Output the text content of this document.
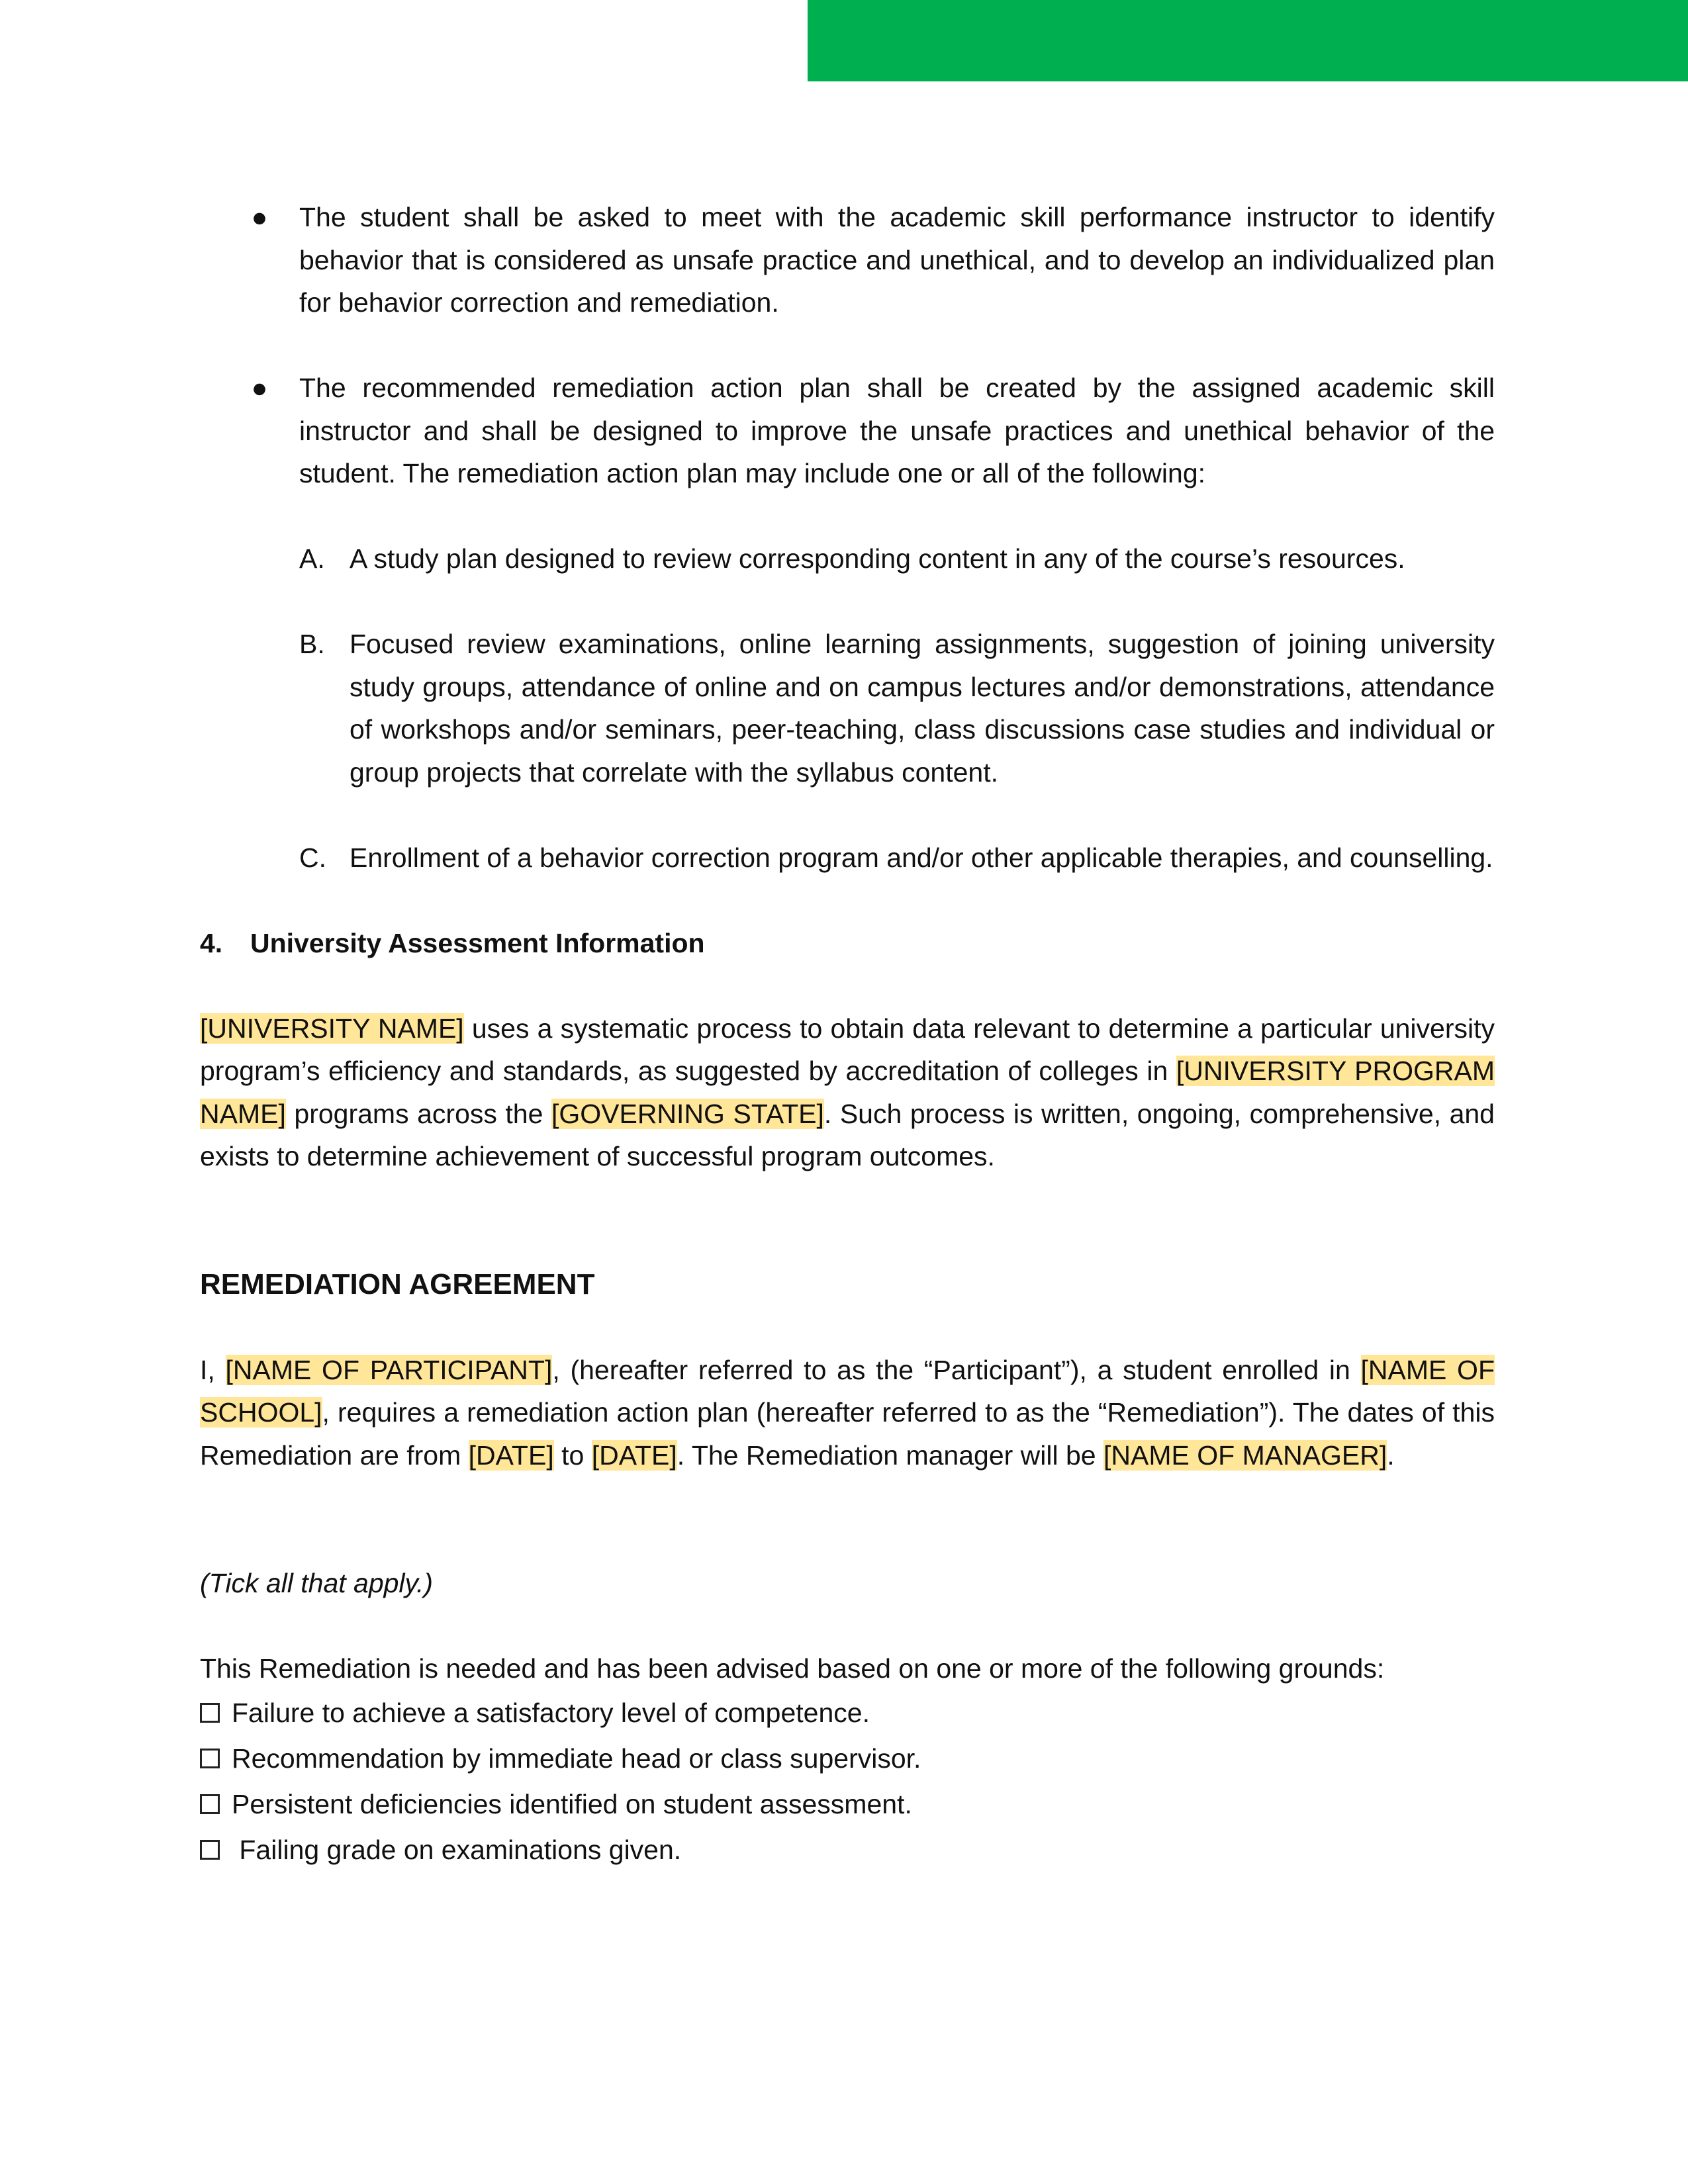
● The student shall be asked to meet with the academic skill performance instructor to identify behavior that is considered as unsafe practice and unethical, and to develop an individualized plan for behavior correction and remediation.
● The recommended remediation action plan shall be created by the assigned academic skill instructor and shall be designed to improve the unsafe practices and unethical behavior of the student. The remediation action plan may include one or all of the following:
A. A study plan designed to review corresponding content in any of the course’s resources.
B. Focused review examinations, online learning assignments, suggestion of joining university study groups, attendance of online and on campus lectures and/or demonstrations, attendance of workshops and/or seminars, peer-teaching, class discussions case studies and individual or group projects that correlate with the syllabus content.
C. Enrollment of a behavior correction program and/or other applicable therapies, and counselling.
4. University Assessment Information

[UNIVERSITY NAME] uses a systematic process to obtain data relevant to determine a particular university program’s efficiency and standards, as suggested by accreditation of colleges in [UNIVERSITY PROGRAM NAME] programs across the [GOVERNING STATE]. Such process is written, ongoing, comprehensive, and exists to determine achievement of successful program outcomes.

REMEDIATION AGREEMENT

I, [NAME OF PARTICIPANT], (hereafter referred to as the “Participant”), a student enrolled in [NAME OF SCHOOL], requires a remediation action plan (hereafter referred to as the “Remediation”). The dates of this Remediation are from [DATE] to [DATE]. The Remediation manager will be [NAME OF MANAGER].

(Tick all that apply.)

This Remediation is needed and has been advised based on one or more of the following grounds:

Failure to achieve a satisfactory level of competence.
Recommendation by immediate head or class supervisor.
Persistent deficiencies identified on student assessment.
Failing grade on examinations given.
